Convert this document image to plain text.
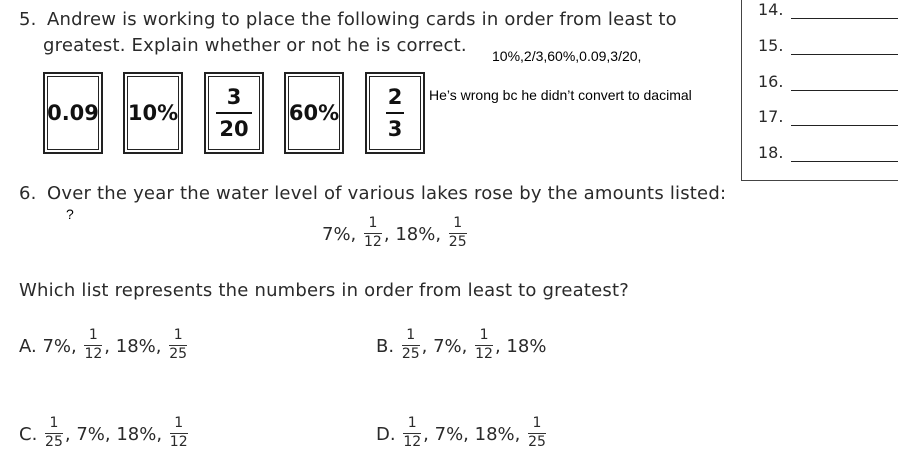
5. Andrew is working to place the following cards in order from least to
greatest. Explain whether or not he is correct. 10%,2/3,60%,0.09,3/20,
0.09 10%
3
20
60%
2
3
He’s wrong bc he didn’t convert to dacimal
14.
15.
16.
17.
18.
6. Over the year the water level of various lakes rose by the amounts listed:
?
7%, $\frac{1}{12}$ , 18%, $\frac{1}{25}$
Which list represents the numbers in order from least to greatest?
A. 7%, $\frac{1}{12}$ , 18%, $\frac{1}{25}$	B. $\frac{1}{25}$ , 7%, $\frac{1}{12}$ , 18%
C. $\frac{1}{25}$ , 7%, 18%, $\frac{1}{12}$	D. $\frac{1}{12}$ , 7%, 18%, $\frac{1}{25}$
